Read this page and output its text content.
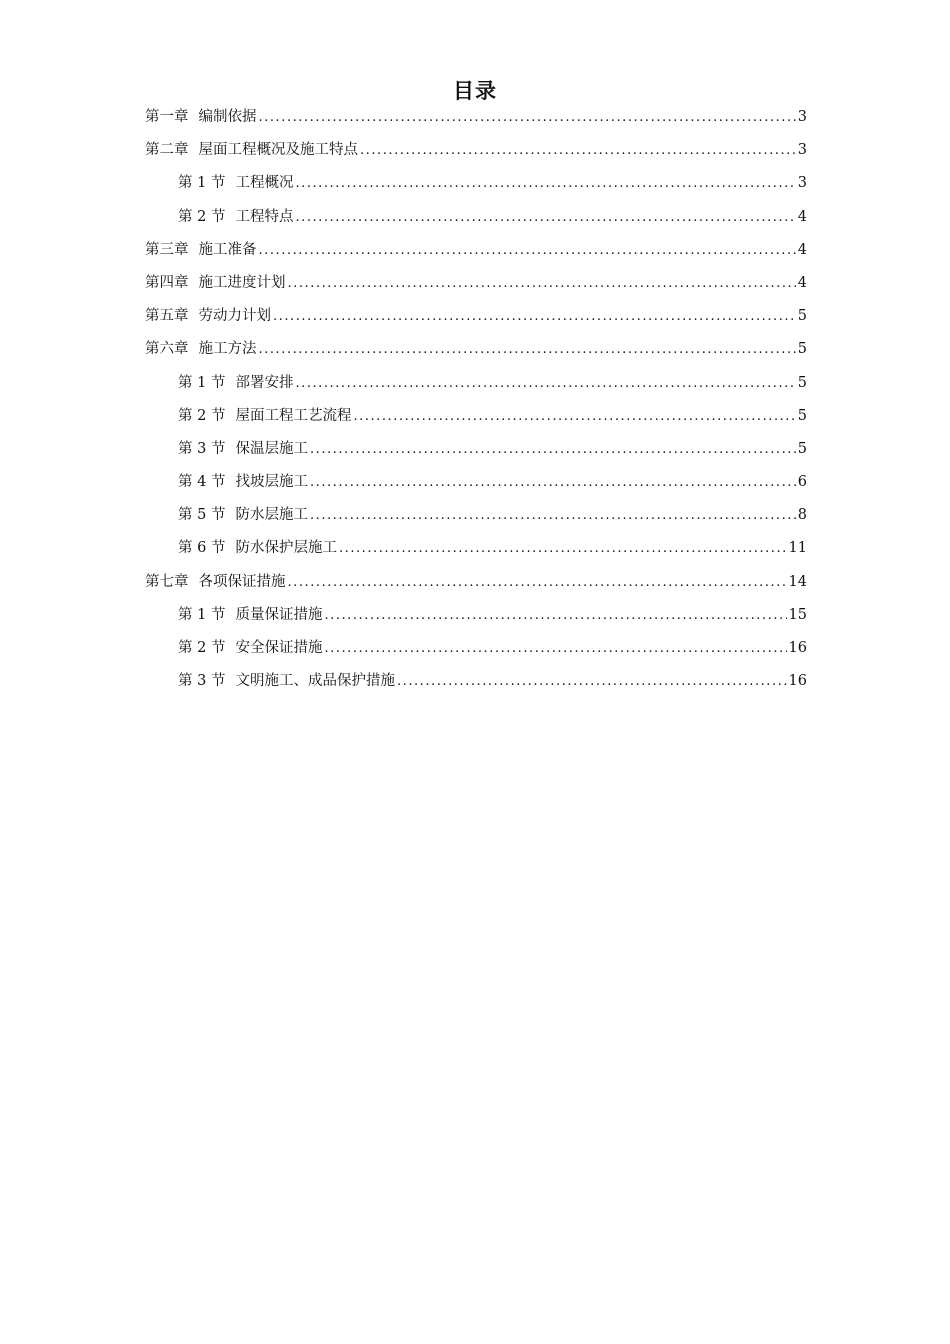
目录
第一章 编制依据 .....	3
第二章 屋面工程概况及施工特点 .....	3
第 1 节 工程概况 .....	3
第 2 节 工程特点 .....	4
第三章 施工准备 .....	4
第四章 施工进度计划 .....	4
第五章 劳动力计划 .....	5
第六章 施工方法 .....	5
第 1 节 部署安排 .....	5
第 2 节 屋面工程工艺流程 .....	5
第 3 节 保温层施工 .....	5
第 4 节 找坡层施工 .....	6
第 5 节 防水层施工 .....	8
第 6 节 防水保护层施工 .....	11
第七章 各项保证措施 .....	14
第 1 节 质量保证措施 .....	15
第 2 节 安全保证措施 .....	16
第 3 节 文明施工、成品保护措施 .....	16
